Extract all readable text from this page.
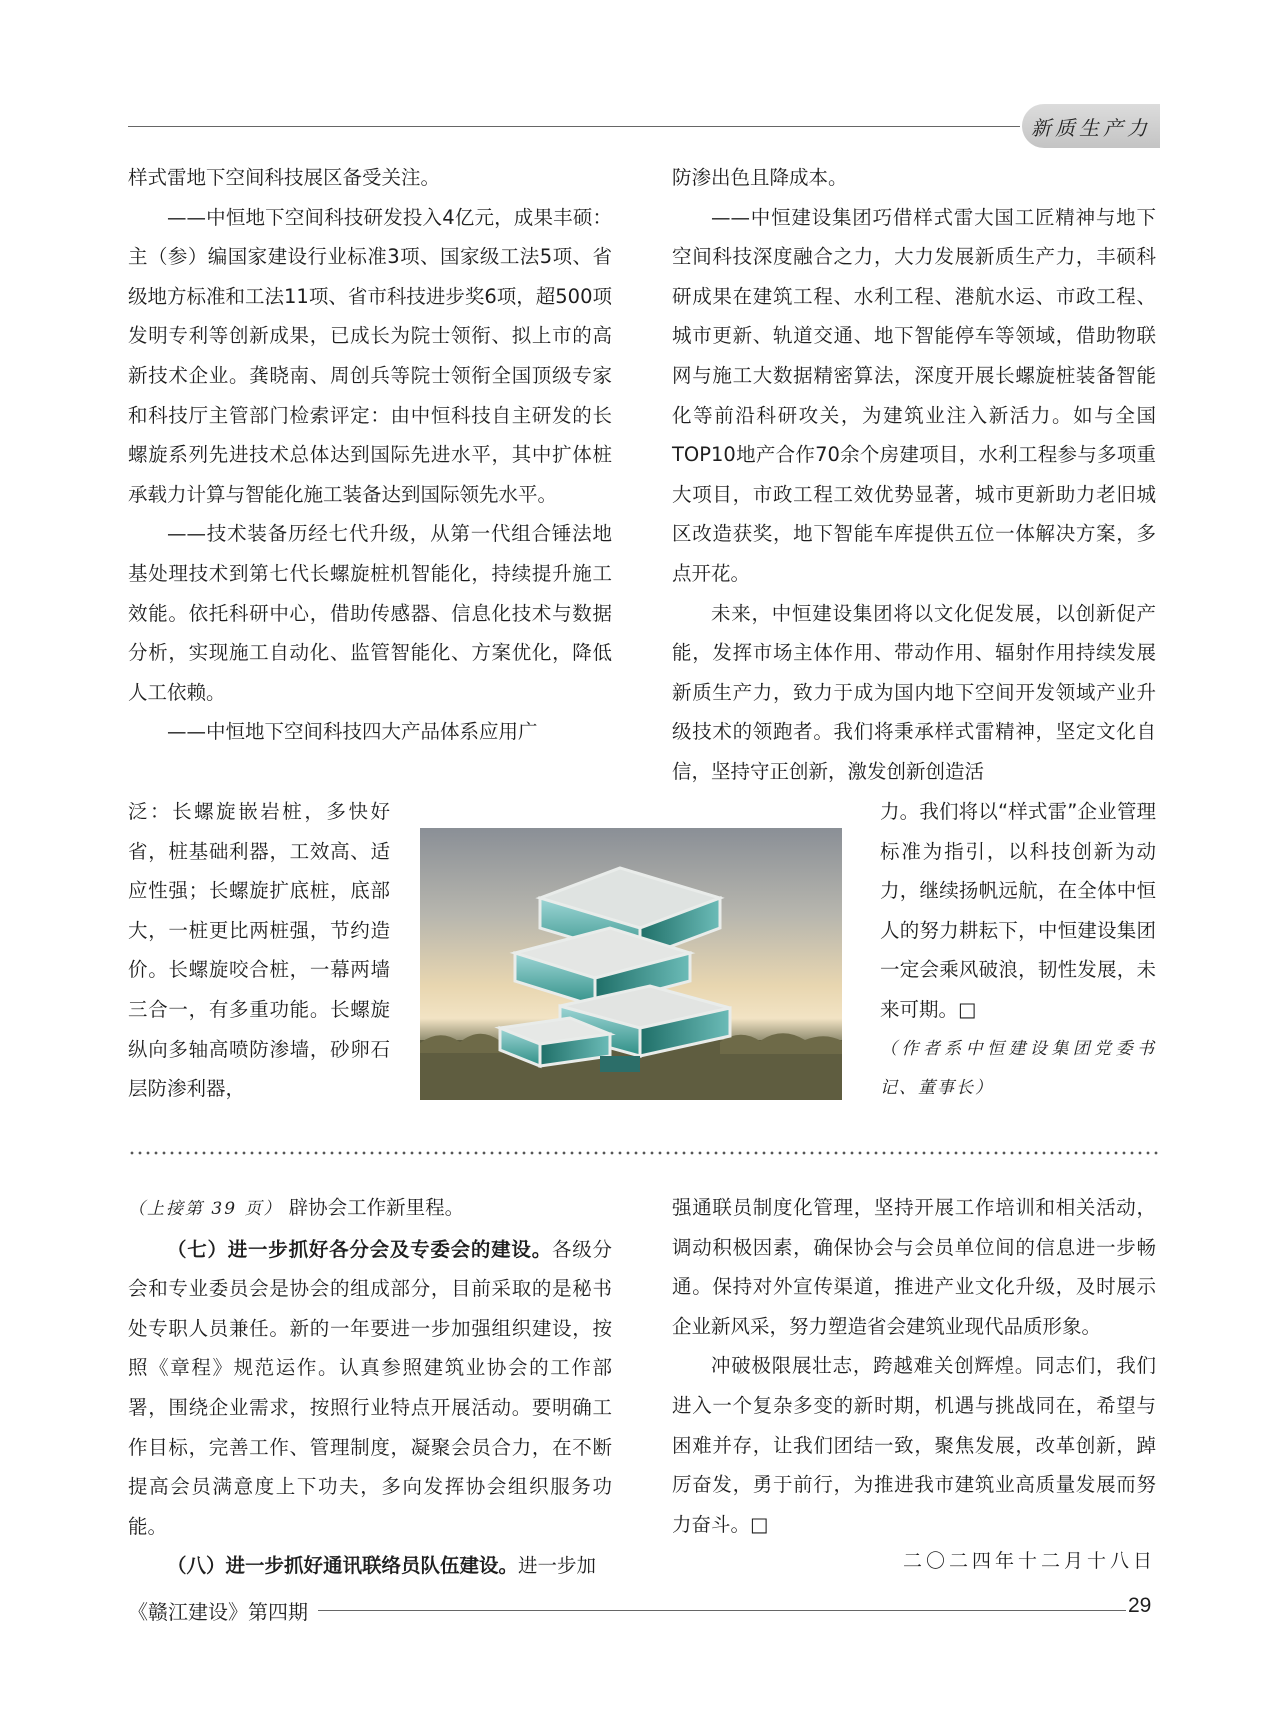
新质生产力

样式雷地下空间科技展区备受关注。

——中恒地下空间科技研发投入4亿元，成果丰硕：主（参）编国家建设行业标准3项、国家级工法5项、省级地方标准和工法11项、省市科技进步奖6项，超500项发明专利等创新成果，已成长为院士领衔、拟上市的高新技术企业。龚晓南、周创兵等院士领衔全国顶级专家和科技厅主管部门检索评定：由中恒科技自主研发的长螺旋系列先进技术总体达到国际先进水平，其中扩体桩承载力计算与智能化施工装备达到国际领先水平。

——技术装备历经七代升级，从第一代组合锤法地基处理技术到第七代长螺旋桩机智能化，持续提升施工效能。依托科研中心，借助传感器、信息化技术与数据分析，实现施工自动化、监管智能化、方案优化，降低人工依赖。

——中恒地下空间科技四大产品体系应用广

泛：长螺旋嵌岩桩，多快好省，桩基础利器，工效高、适应性强；长螺旋扩底桩，底部大，一桩更比两桩强，节约造价。长螺旋咬合桩，一幕两墙三合一，有多重功能。长螺旋纵向多轴高喷防渗墙，砂卵石层防渗利器，

防渗出色且降成本。

——中恒建设集团巧借样式雷大国工匠精神与地下空间科技深度融合之力，大力发展新质生产力，丰硕科研成果在建筑工程、水利工程、港航水运、市政工程、城市更新、轨道交通、地下智能停车等领域，借助物联网与施工大数据精密算法，深度开展长螺旋桩装备智能化等前沿科研攻关，为建筑业注入新活力。如与全国TOP10地产合作70余个房建项目，水利工程参与多项重大项目，市政工程工效优势显著，城市更新助力老旧城区改造获奖，地下智能车库提供五位一体解决方案，多点开花。

未来，中恒建设集团将以文化促发展，以创新促产能，发挥市场主体作用、带动作用、辐射作用持续发展新质生产力，致力于成为国内地下空间开发领域产业升级技术的领跑者。我们将秉承样式雷精神，坚定文化自信，坚持守正创新，激发创新创造活

力。我们将以“样式雷”企业管理标准为指引，以科技创新为动力，继续扬帆远航，在全体中恒人的努力耕耘下，中恒建设集团一定会乘风破浪，韧性发展，未来可期。□

（作者系中恒建设集团党委书记、董事长）

（上接第 39 页） 辟协会工作新里程。

（七）进一步抓好各分会及专委会的建设。各级分会和专业委员会是协会的组成部分，目前采取的是秘书处专职人员兼任。新的一年要进一步加强组织建设，按照《章程》规范运作。认真参照建筑业协会的工作部署，围绕企业需求，按照行业特点开展活动。要明确工作目标，完善工作、管理制度，凝聚会员合力，在不断提高会员满意度上下功夫，多向发挥协会组织服务功能。

（八）进一步抓好通讯联络员队伍建设。进一步加

强通联员制度化管理，坚持开展工作培训和相关活动，调动积极因素，确保协会与会员单位间的信息进一步畅通。保持对外宣传渠道，推进产业文化升级，及时展示企业新风采，努力塑造省会建筑业现代品质形象。

冲破极限展壮志，跨越难关创辉煌。同志们，我们进入一个复杂多变的新时期，机遇与挑战同在，希望与困难并存，让我们团结一致，聚焦发展，改革创新，踔厉奋发，勇于前行，为推进我市建筑业高质量发展而努力奋斗。□

二〇二四年十二月十八日
《赣江建设》第四期	29
